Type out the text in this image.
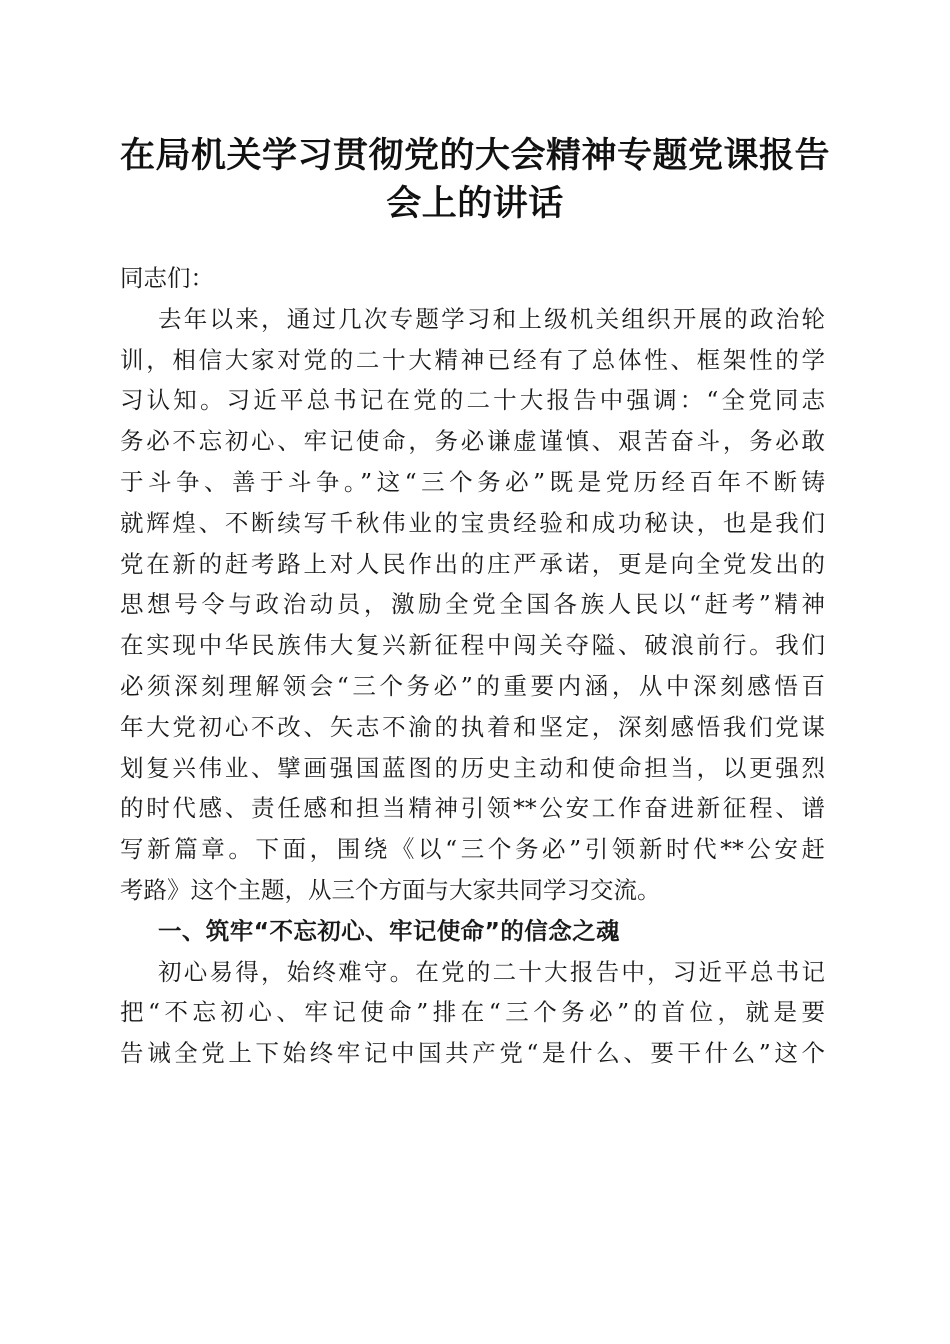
在局机关学习贯彻党的大会精神专题党课报告
会上的讲话
同志们：
去年以来，通过几次专题学习和上级机关组织开展的政治轮
训，相信大家对党的二十大精神已经有了总体性、框架性的学
习认知。习近平总书记在党的二十大报告中强调：“全党同志
务必不忘初心、牢记使命，务必谦虚谨慎、艰苦奋斗，务必敢
于斗争、善于斗争。”这“三个务必”既是党历经百年不断铸
就辉煌、不断续写千秋伟业的宝贵经验和成功秘诀，也是我们
党在新的赶考路上对人民作出的庄严承诺，更是向全党发出的
思想号令与政治动员，激励全党全国各族人民以“赶考”精神
在实现中华民族伟大复兴新征程中闯关夺隘、破浪前行。我们
必须深刻理解领会“三个务必”的重要内涵，从中深刻感悟百
年大党初心不改、矢志不渝的执着和坚定，深刻感悟我们党谋
划复兴伟业、擘画强国蓝图的历史主动和使命担当，以更强烈
的时代感、责任感和担当精神引领**公安工作奋进新征程、谱
写新篇章。下面，围绕《以“三个务必”引领新时代**公安赶
考路》这个主题，从三个方面与大家共同学习交流。
一、筑牢“不忘初心、牢记使命”的信念之魂
初心易得，始终难守。在党的二十大报告中，习近平总书记
把“不忘初心、牢记使命”排在“三个务必”的首位，就是要
告诫全党上下始终牢记中国共产党“是什么、要干什么”这个
